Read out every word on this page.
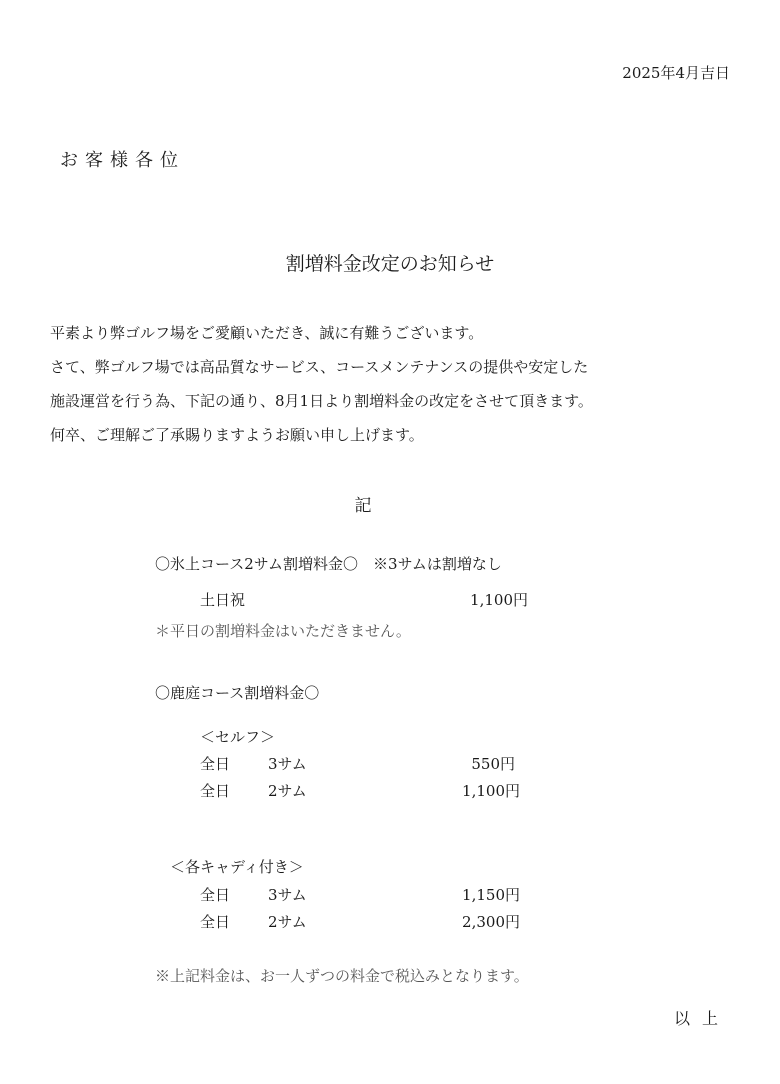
2025年4月吉日
お客様各位
割増料金改定のお知らせ
平素より弊ゴルフ場をご愛顧いただき、誠に有難うございます。
さて、弊ゴルフ場では高品質なサービス、コースメンテナンスの提供や安定した
施設運営を行う為、下記の通り、8月1日より割増料金の改定をさせて頂きます。
何卒、ご理解ご了承賜りますようお願い申し上げます。
記
〇氷上コース2サム割増料金〇　※3サムは割増なし
土日祝	1,100円
＊平日の割増料金はいただきません。
〇鹿庭コース割増料金〇
＜セルフ＞
全日	3サム	550円
全日	2サム	1,100円
＜各キャディ付き＞
全日	3サム	1,150円
全日	2サム	2,300円
※上記料金は、お一人ずつの料金で税込みとなります。
以上
